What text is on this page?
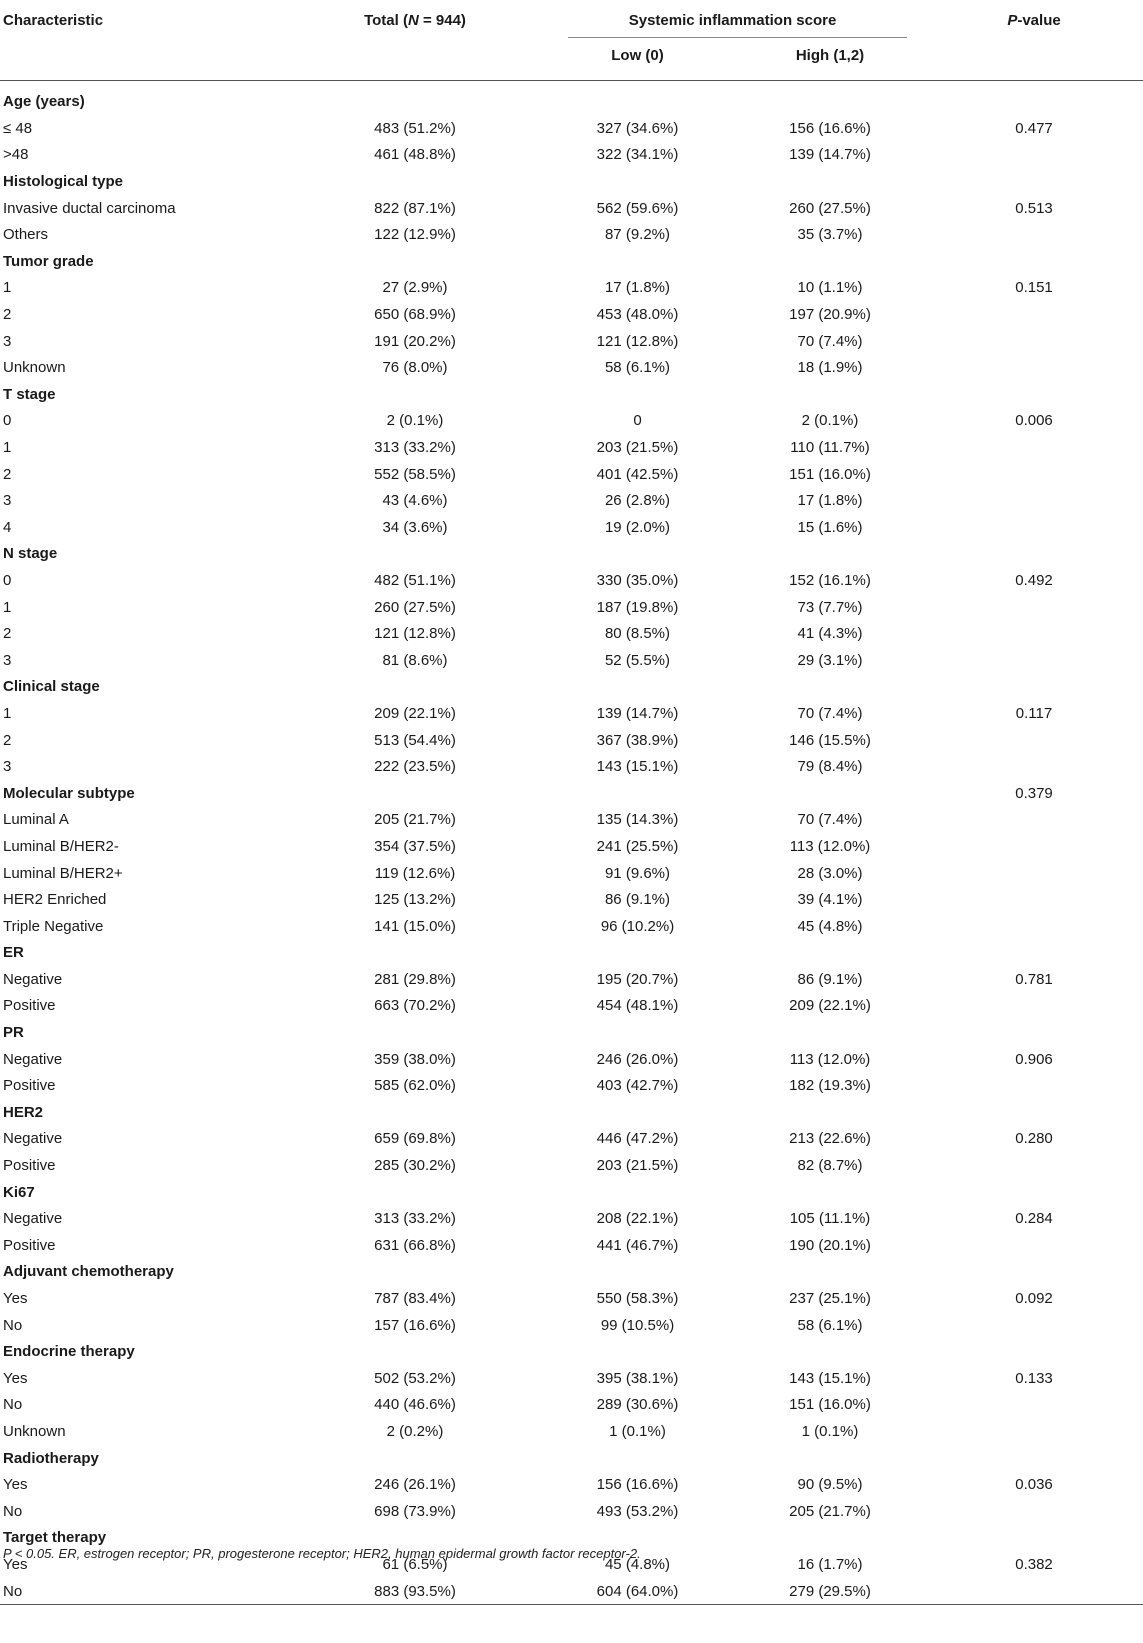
Characteristic	Total (N = 944)	Systemic inflammation score		P-value
		Low (0)	High (1,2)	
Age (years)				
≤ 48	483 (51.2%)	327 (34.6%)	156 (16.6%)	0.477
>48	461 (48.8%)	322 (34.1%)	139 (14.7%)	
Histological type				
Invasive ductal carcinoma	822 (87.1%)	562 (59.6%)	260 (27.5%)	0.513
Others	122 (12.9%)	87 (9.2%)	35 (3.7%)	
Tumor grade				
1	27 (2.9%)	17 (1.8%)	10 (1.1%)	0.151
2	650 (68.9%)	453 (48.0%)	197 (20.9%)	
3	191 (20.2%)	121 (12.8%)	70 (7.4%)	
Unknown	76 (8.0%)	58 (6.1%)	18 (1.9%)	
T stage				
0	2 (0.1%)	0	2 (0.1%)	0.006
1	313 (33.2%)	203 (21.5%)	110 (11.7%)	
2	552 (58.5%)	401 (42.5%)	151 (16.0%)	
3	43 (4.6%)	26 (2.8%)	17 (1.8%)	
4	34 (3.6%)	19 (2.0%)	15 (1.6%)	
N stage				
0	482 (51.1%)	330 (35.0%)	152 (16.1%)	0.492
1	260 (27.5%)	187 (19.8%)	73 (7.7%)	
2	121 (12.8%)	80 (8.5%)	41 (4.3%)	
3	81 (8.6%)	52 (5.5%)	29 (3.1%)	
Clinical stage				
1	209 (22.1%)	139 (14.7%)	70 (7.4%)	0.117
2	513 (54.4%)	367 (38.9%)	146 (15.5%)	
3	222 (23.5%)	143 (15.1%)	79 (8.4%)	
Molecular subtype				0.379
Luminal A	205 (21.7%)	135 (14.3%)	70 (7.4%)	
Luminal B/HER2-	354 (37.5%)	241 (25.5%)	113 (12.0%)	
Luminal B/HER2+	119 (12.6%)	91 (9.6%)	28 (3.0%)	
HER2 Enriched	125 (13.2%)	86 (9.1%)	39 (4.1%)	
Triple Negative	141 (15.0%)	96 (10.2%)	45 (4.8%)	
ER				
Negative	281 (29.8%)	195 (20.7%)	86 (9.1%)	0.781
Positive	663 (70.2%)	454 (48.1%)	209 (22.1%)	
PR				
Negative	359 (38.0%)	246 (26.0%)	113 (12.0%)	0.906
Positive	585 (62.0%)	403 (42.7%)	182 (19.3%)	
HER2				
Negative	659 (69.8%)	446 (47.2%)	213 (22.6%)	0.280
Positive	285 (30.2%)	203 (21.5%)	82 (8.7%)	
Ki67				
Negative	313 (33.2%)	208 (22.1%)	105 (11.1%)	0.284
Positive	631 (66.8%)	441 (46.7%)	190 (20.1%)	
Adjuvant chemotherapy				
Yes	787 (83.4%)	550 (58.3%)	237 (25.1%)	0.092
No	157 (16.6%)	99 (10.5%)	58 (6.1%)	
Endocrine therapy				
Yes	502 (53.2%)	395 (38.1%)	143 (15.1%)	0.133
No	440 (46.6%)	289 (30.6%)	151 (16.0%)	
Unknown	2 (0.2%)	1 (0.1%)	1 (0.1%)	
Radiotherapy				
Yes	246 (26.1%)	156 (16.6%)	90 (9.5%)	0.036
No	698 (73.9%)	493 (53.2%)	205 (21.7%)	
Target therapy				
Yes	61 (6.5%)	45 (4.8%)	16 (1.7%)	0.382
No	883 (93.5%)	604 (64.0%)	279 (29.5%)	
P < 0.05. ER, estrogen receptor; PR, progesterone receptor; HER2, human epidermal growth factor receptor-2.
